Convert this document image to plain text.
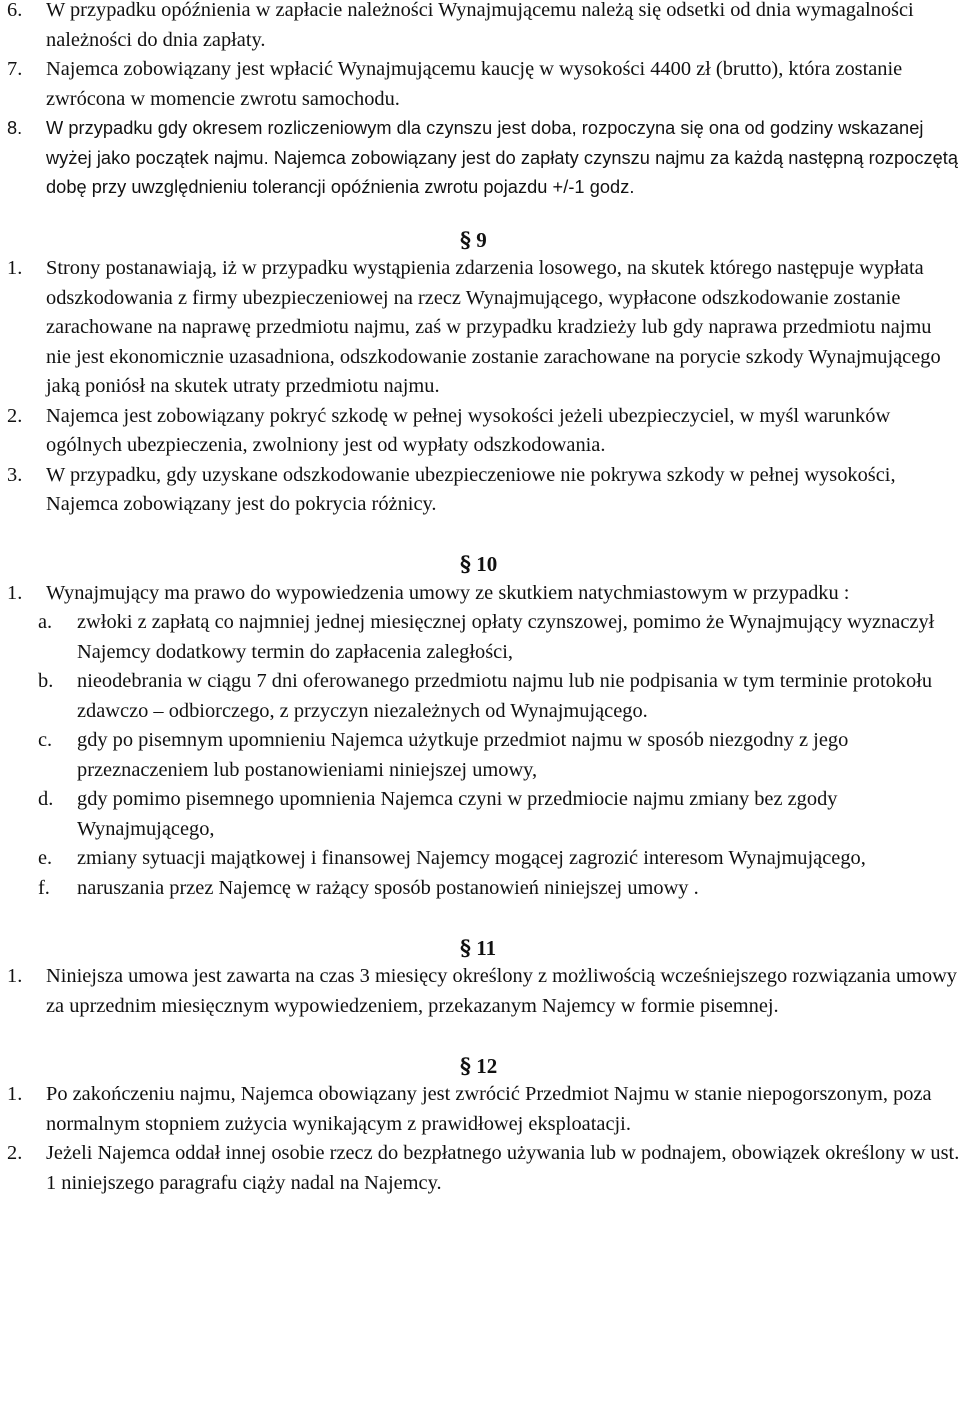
6. W przypadku opóźnienia w zapłacie należności Wynajmującemu należą się odsetki od dnia wymagalności należności do dnia zapłaty.
7. Najemca zobowiązany jest wpłacić Wynajmującemu kaucję w wysokości 4400 zł (brutto), która zostanie zwrócona w momencie zwrotu samochodu.
8. W przypadku gdy okresem rozliczeniowym dla czynszu jest doba, rozpoczyna się ona od godziny wskazanej wyżej jako początek najmu. Najemca zobowiązany jest do zapłaty czynszu najmu za każdą następną rozpoczętą dobę przy uwzględnieniu tolerancji opóźnienia zwrotu pojazdu +/-1 godz.
§ 9
1. Strony postanawiają, iż w przypadku wystąpienia zdarzenia losowego, na skutek którego następuje wypłata odszkodowania z firmy ubezpieczeniowej na rzecz Wynajmującego, wypłacone odszkodowanie zostanie zarachowane na naprawę przedmiotu najmu, zaś w przypadku kradzieży lub gdy naprawa przedmiotu najmu nie jest ekonomicznie uzasadniona, odszkodowanie zostanie zarachowane na porycie szkody Wynajmującego jaką poniósł na skutek utraty przedmiotu najmu.
2. Najemca jest zobowiązany pokryć szkodę w pełnej wysokości jeżeli ubezpieczyciel, w myśl warunków ogólnych ubezpieczenia, zwolniony jest od wypłaty odszkodowania.
3. W przypadku, gdy uzyskane odszkodowanie ubezpieczeniowe nie pokrywa szkody w pełnej wysokości, Najemca zobowiązany jest do pokrycia różnicy.
§ 10
1. Wynajmujący ma prawo do wypowiedzenia umowy ze skutkiem natychmiastowym w przypadku :
a. zwłoki z zapłatą co najmniej jednej miesięcznej opłaty czynszowej, pomimo że Wynajmujący wyznaczył Najemcy dodatkowy termin do zapłacenia zaległości,
b. nieodebrania w ciągu 7 dni oferowanego przedmiotu najmu lub nie podpisania w tym terminie protokołu zdawczo – odbiorczego, z przyczyn niezależnych od Wynajmującego.
c. gdy po pisemnym upomnieniu Najemca użytkuje przedmiot najmu w sposób niezgodny z jego przeznaczeniem lub postanowieniami niniejszej umowy,
d. gdy pomimo pisemnego upomnienia Najemca czyni w przedmiocie najmu zmiany bez zgody Wynajmującego,
e. zmiany sytuacji majątkowej i finansowej Najemcy mogącej zagrozić interesom Wynajmującego,
f. naruszania przez Najemcę w rażący sposób postanowień niniejszej umowy .
§ 11
1. Niniejsza umowa jest zawarta na czas 3 miesięcy określony z możliwością wcześniejszego rozwiązania umowy za uprzednim miesięcznym wypowiedzeniem, przekazanym Najemcy w formie pisemnej.
§ 12
1. Po zakończeniu najmu, Najemca obowiązany jest zwrócić Przedmiot Najmu w stanie niepogorszonym, poza normalnym stopniem zużycia wynikającym z prawidłowej eksploatacji.
2. Jeżeli Najemca oddał innej osobie rzecz do bezpłatnego używania lub w podnajem, obowiązek określony w ust. 1 niniejszego paragrafu ciąży nadal na Najemcy.
